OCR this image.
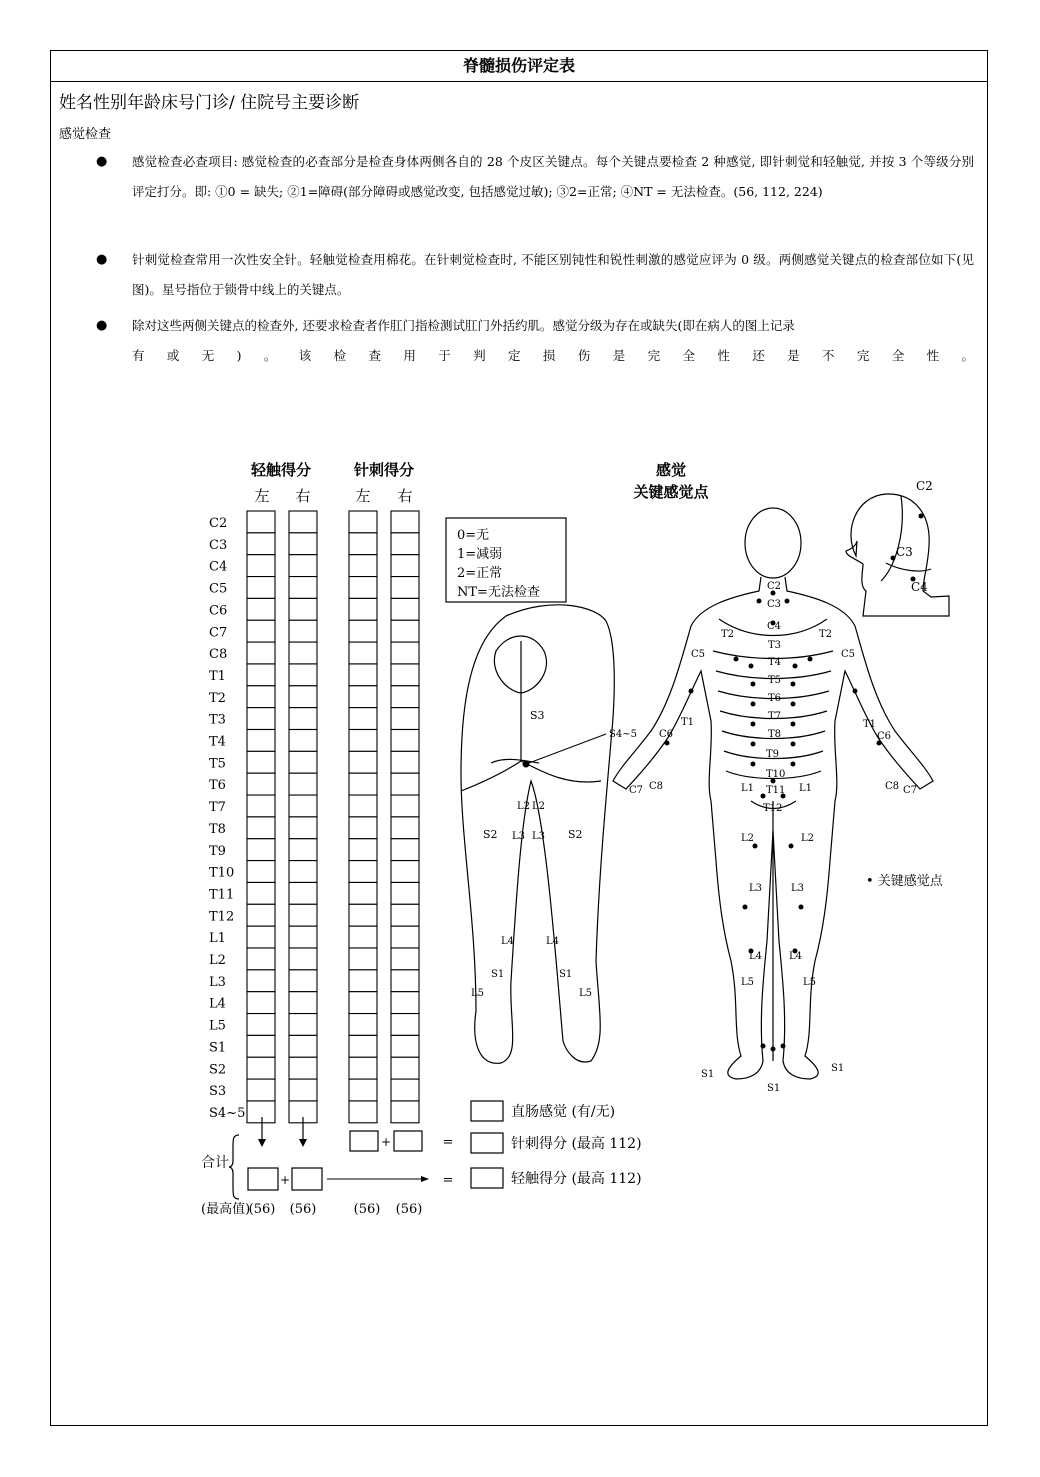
脊髓损伤评定表
姓名性别年龄床号门诊/ 住院号主要诊断
感觉检查
● 感觉检查必查项目: 感觉检查的必查部分是检查身体两侧各自的 28 个皮区关键点。每个关键点要检查 2 种感觉, 即针刺觉和轻触觉, 并按 3 个等级分别评定打分。即: ①0 = 缺失; ②1=障碍(部分障碍或感觉改变, 包括感觉过敏); ③2=正常; ④NT = 无法检查。(56, 112, 224)
● 针刺觉检查常用一次性安全针。轻触觉检查用棉花。在针刺觉检查时, 不能区别钝性和锐性刺激的感觉应评为 0 级。两侧感觉关键点的检查部位如下(见图)。星号指位于锁骨中线上的关键点。
● 除对这些两侧关键点的检查外, 还要求检查者作肛门指检测试肛门外括约肌。感觉分级为存在或缺失(即在病人的图上记录
有或无)。该检查用于判定损伤是完全性还是不完全性。
C2
C3
C4
C5
C6
C7
C8
T1
T2
T3
T4
T5
T6
T7
T8
T9
T10
T11
T12
L1
L2
L3
L4
L5
S1
S2
S3
S4~5
轻触得分	针刺得分
左 右	左 右
0=无
1=减弱
2=正常
NT=无法检查
感觉
关键感觉点
• 关键感觉点
C2
C3
C4
S3
S4~5
S2	S2
L2 L2
L3 L3
L4	L4
S1	S1
L5	L5
C2
C3
C4
T2	T2
T3
T4
T5
T6
T7
T8
T9
T10
T11
T12
C5	C5
C6	C6
T1	T1
C7 C8	C8 C7
L1	L1
L2	L2
L3	L3
L4	L4
L5	L5
S1
S1
S1
合计
+	=
+	=
直肠感觉 (有/无)
针刺得分 (最高 112)
轻触得分 (最高 112)
(最高值)
(56) (56)	(56) (56)
